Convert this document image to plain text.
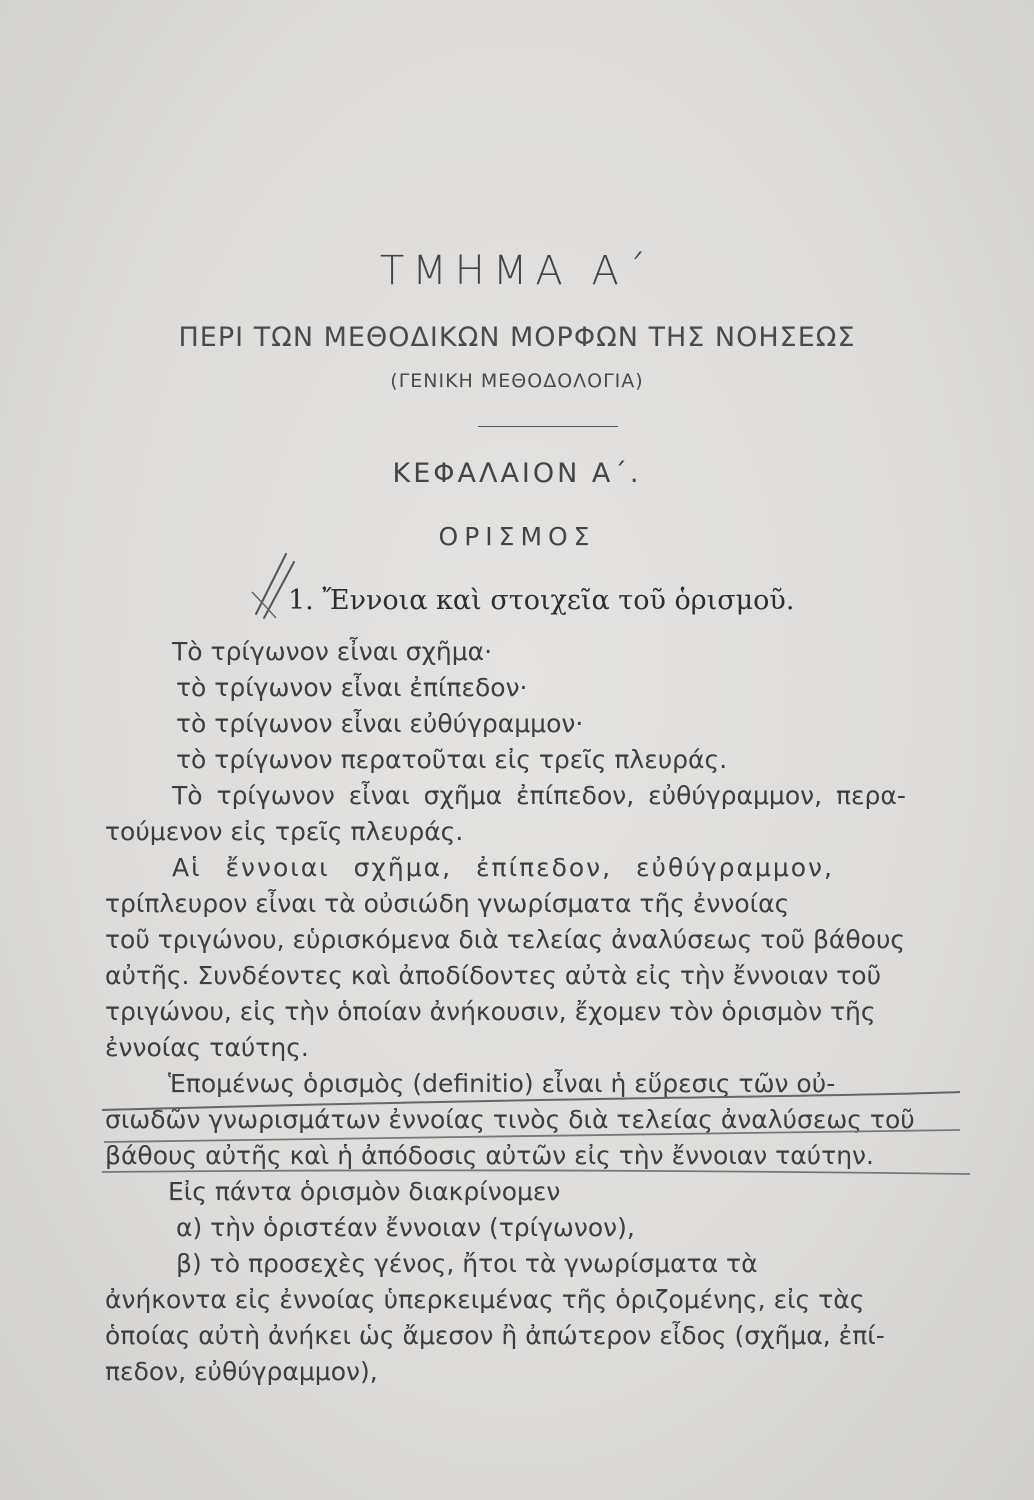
ΤΜΗΜΑ Α΄
ΠΕΡΙ ΤΩΝ ΜΕΘΟΔΙΚΩΝ ΜΟΡΦΩΝ ΤΗΣ ΝΟΗΣΕΩΣ
(ΓΕΝΙΚΗ ΜΕΘΟΔΟΛΟΓΙΑ)
ΚΕΦΑΛΑΙΟΝ Α΄.
ΟΡΙΣΜΟΣ
1. Ἔννοια καὶ στοιχεῖα τοῦ ὁρισμοῦ.
Τὸ τρίγωνον εἶναι σχῆμα·
τὸ τρίγωνον εἶναι ἐπίπεδον·
τὸ τρίγωνον εἶναι εὐθύγραμμον·
τὸ τρίγωνον περατοῦται εἰς τρεῖς πλευράς.
Τὸ τρίγωνον εἶναι σχῆμα ἐπίπεδον, εὐθύγραμμον, περα-
τούμενον εἰς τρεῖς πλευράς.
Αἱ ἔννοιαι σχῆμα, ἐπίπεδον, εὐθύγραμμον,
τρίπλευρον εἶναι τὰ οὐσιώδη γνωρίσματα τῆς ἐννοίας
τοῦ τριγώνου, εὑρισκόμενα διὰ τελείας ἀναλύσεως τοῦ βάθους
αὐτῆς. Συνδέοντες καὶ ἀποδίδοντες αὐτὰ εἰς τὴν ἔννοιαν τοῦ
τριγώνου, εἰς τὴν ὁποίαν ἀνήκουσιν, ἔχομεν τὸν ὁρισμὸν τῆς
ἐννοίας ταύτης.
Ἑπομένως ὁρισμὸς (definitio) εἶναι ἡ εὕρεσις τῶν οὐ-
σιωδῶν γνωρισμάτων ἐννοίας τινὸς διὰ τελείας ἀναλύσεως τοῦ
βάθους αὐτῆς καὶ ἡ ἀπόδοσις αὐτῶν εἰς τὴν ἔννοιαν ταύτην.
Εἰς πάντα ὁρισμὸν διακρίνομεν
α) τὴν ὁριστέαν ἔννοιαν (τρίγωνον),
β) τὸ προσεχὲς γένος, ἤτοι τὰ γνωρίσματα τὰ
ἀνήκοντα εἰς ἐννοίας ὑπερκειμένας τῆς ὁριζομένης, εἰς τὰς
ὁποίας αὐτὴ ἀνήκει ὡς ἄμεσον ἢ ἀπώτερον εἶδος (σχῆμα, ἐπί-
πεδον, εὐθύγραμμον),
